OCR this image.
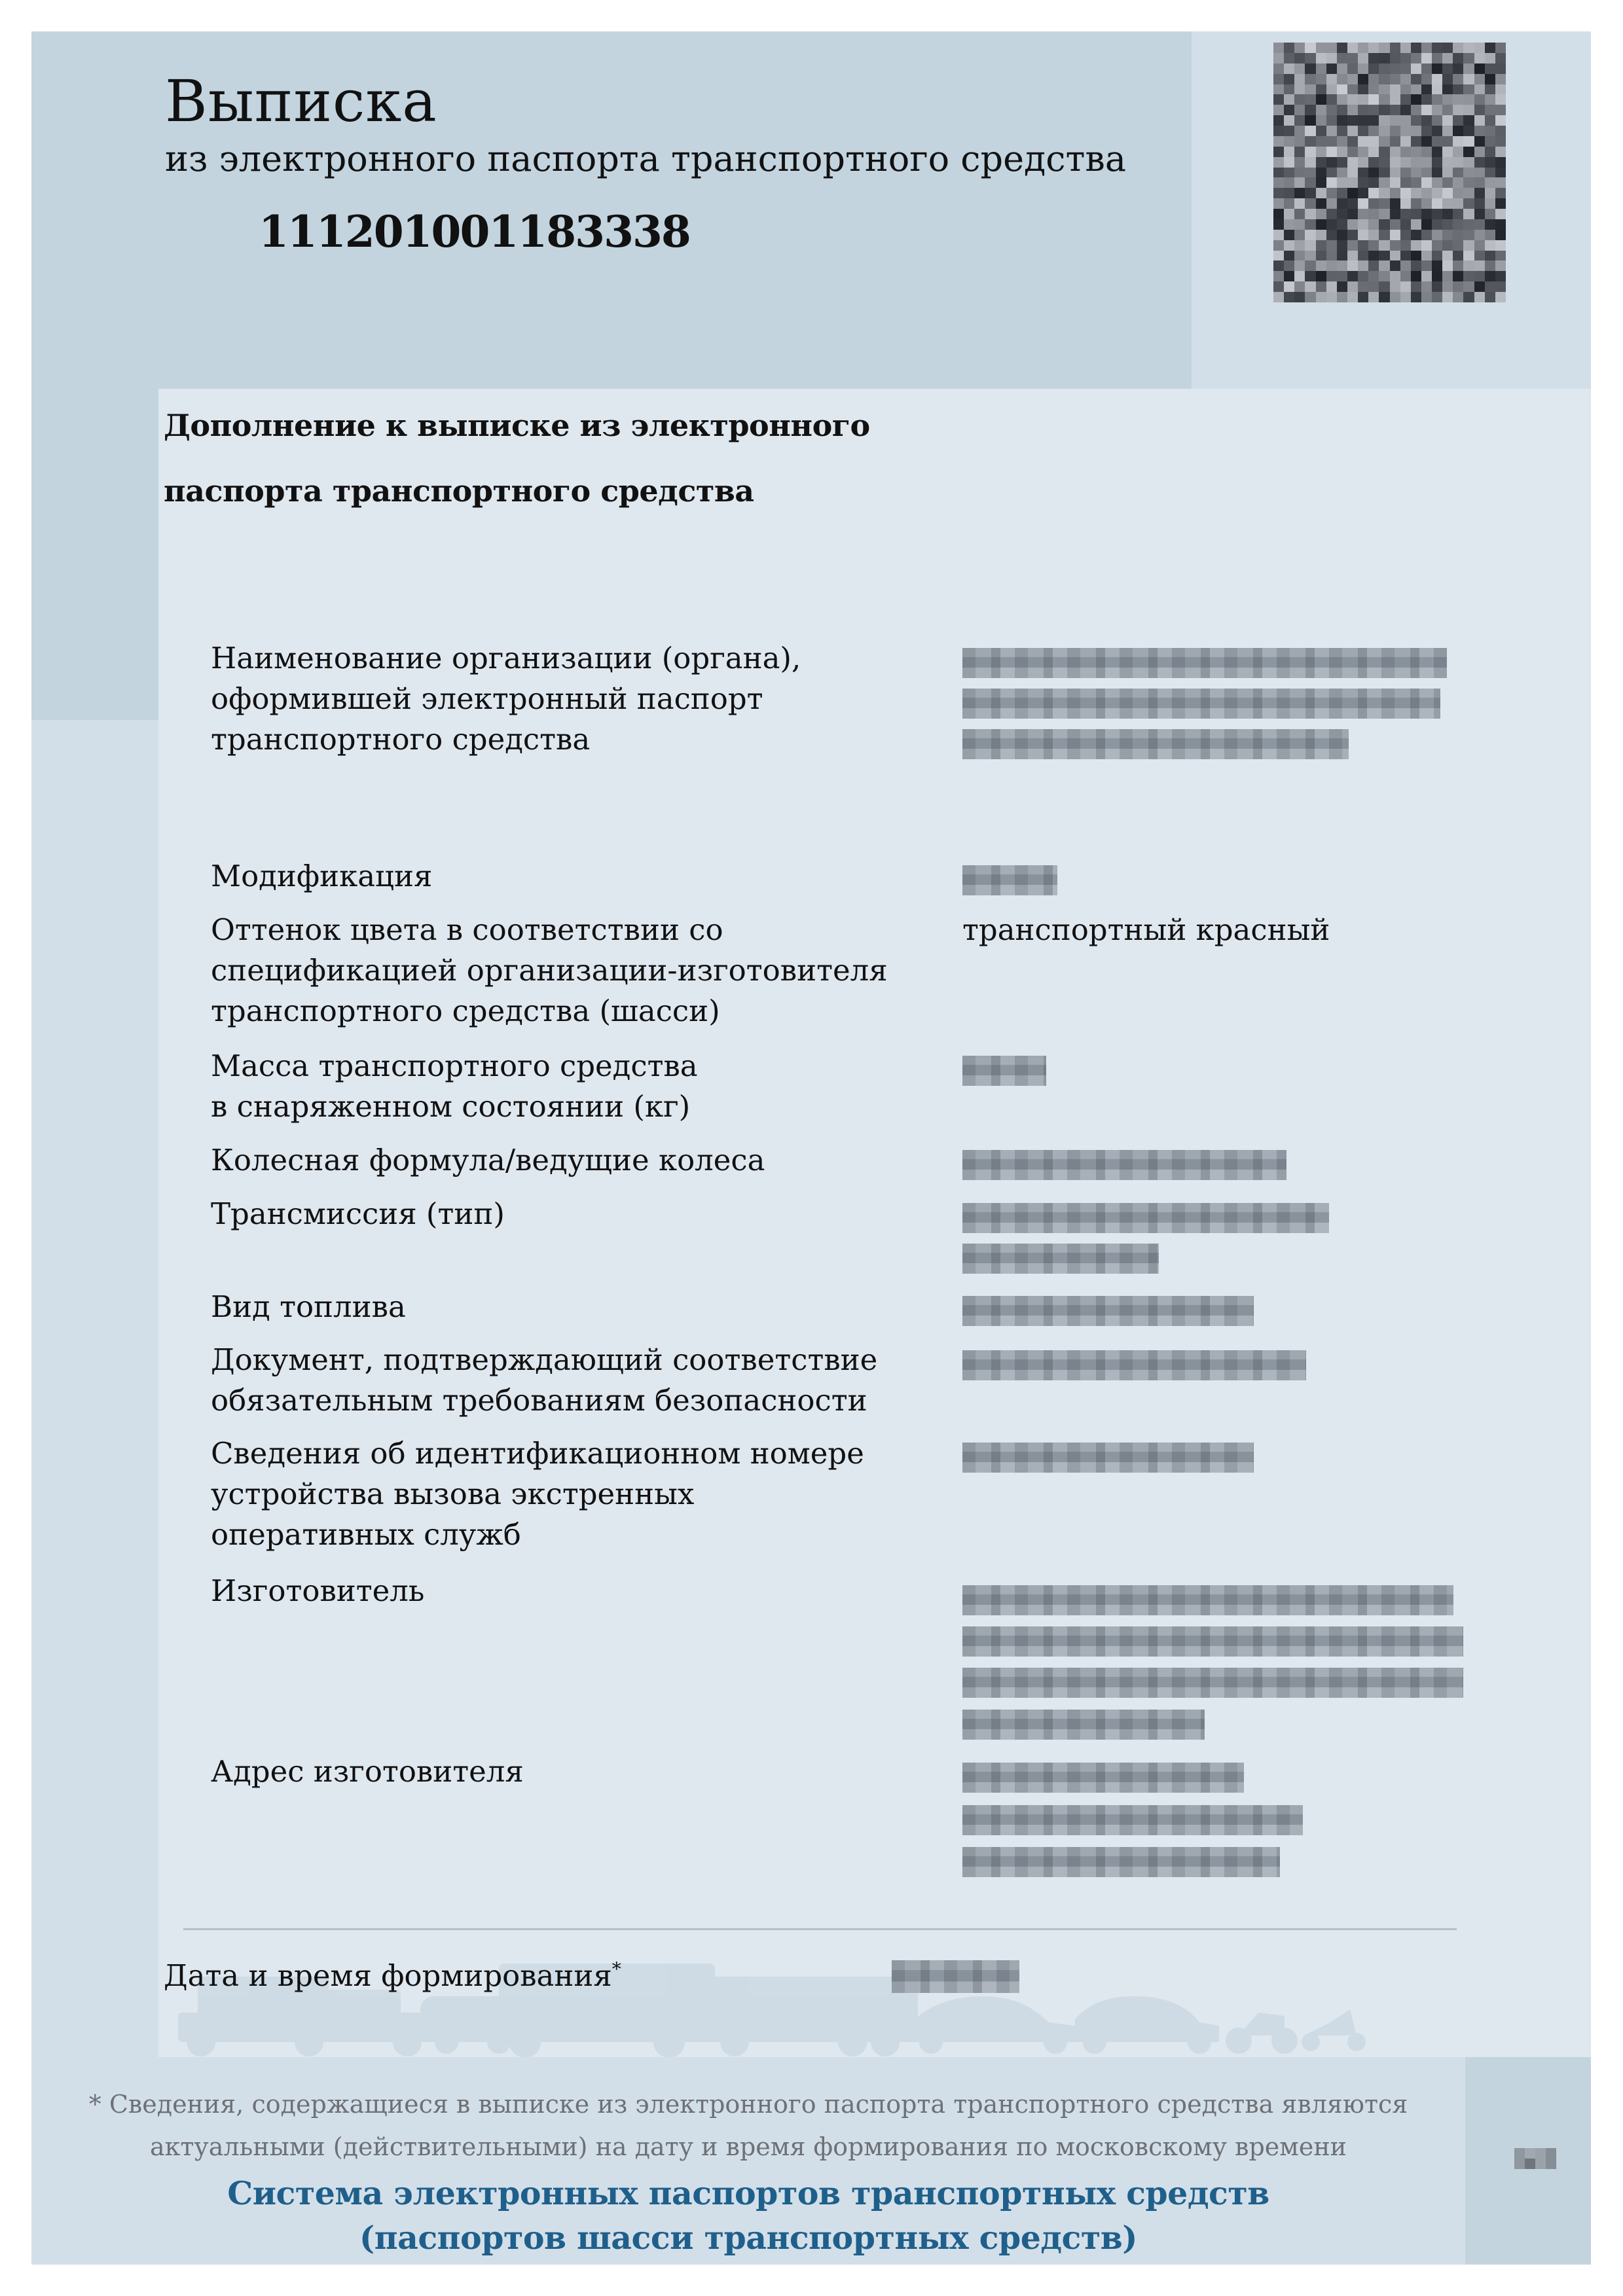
Выписка
из электронного паспорта транспортного средства
111201001183338
Дополнение к выписке из электронного
паспорта транспортного средства
Наименование организации (органа),
оформившей электронный паспорт
транспортного средства
Модификация
Оттенок цвета в соответствии со
спецификацией организации-изготовителя
транспортного средства (шасси)
транспортный красный
Масса транспортного средства
в снаряженном состоянии (кг)
Колесная формула/ведущие колеса
Трансмиссия (тип)
Вид топлива
Документ, подтверждающий соответствие
обязательным требованиям безопасности
Сведения об идентификационном номере
устройства вызова экстренных
оперативных служб
Изготовитель
Адрес изготовителя
Дата и время формирования*
* Сведения, содержащиеся в выписке из электронного паспорта транспортного средства являются
актуальными (действительными) на дату и время формирования по московскому времени
Система электронных паспортов транспортных средств
(паспортов шасси транспортных средств)
